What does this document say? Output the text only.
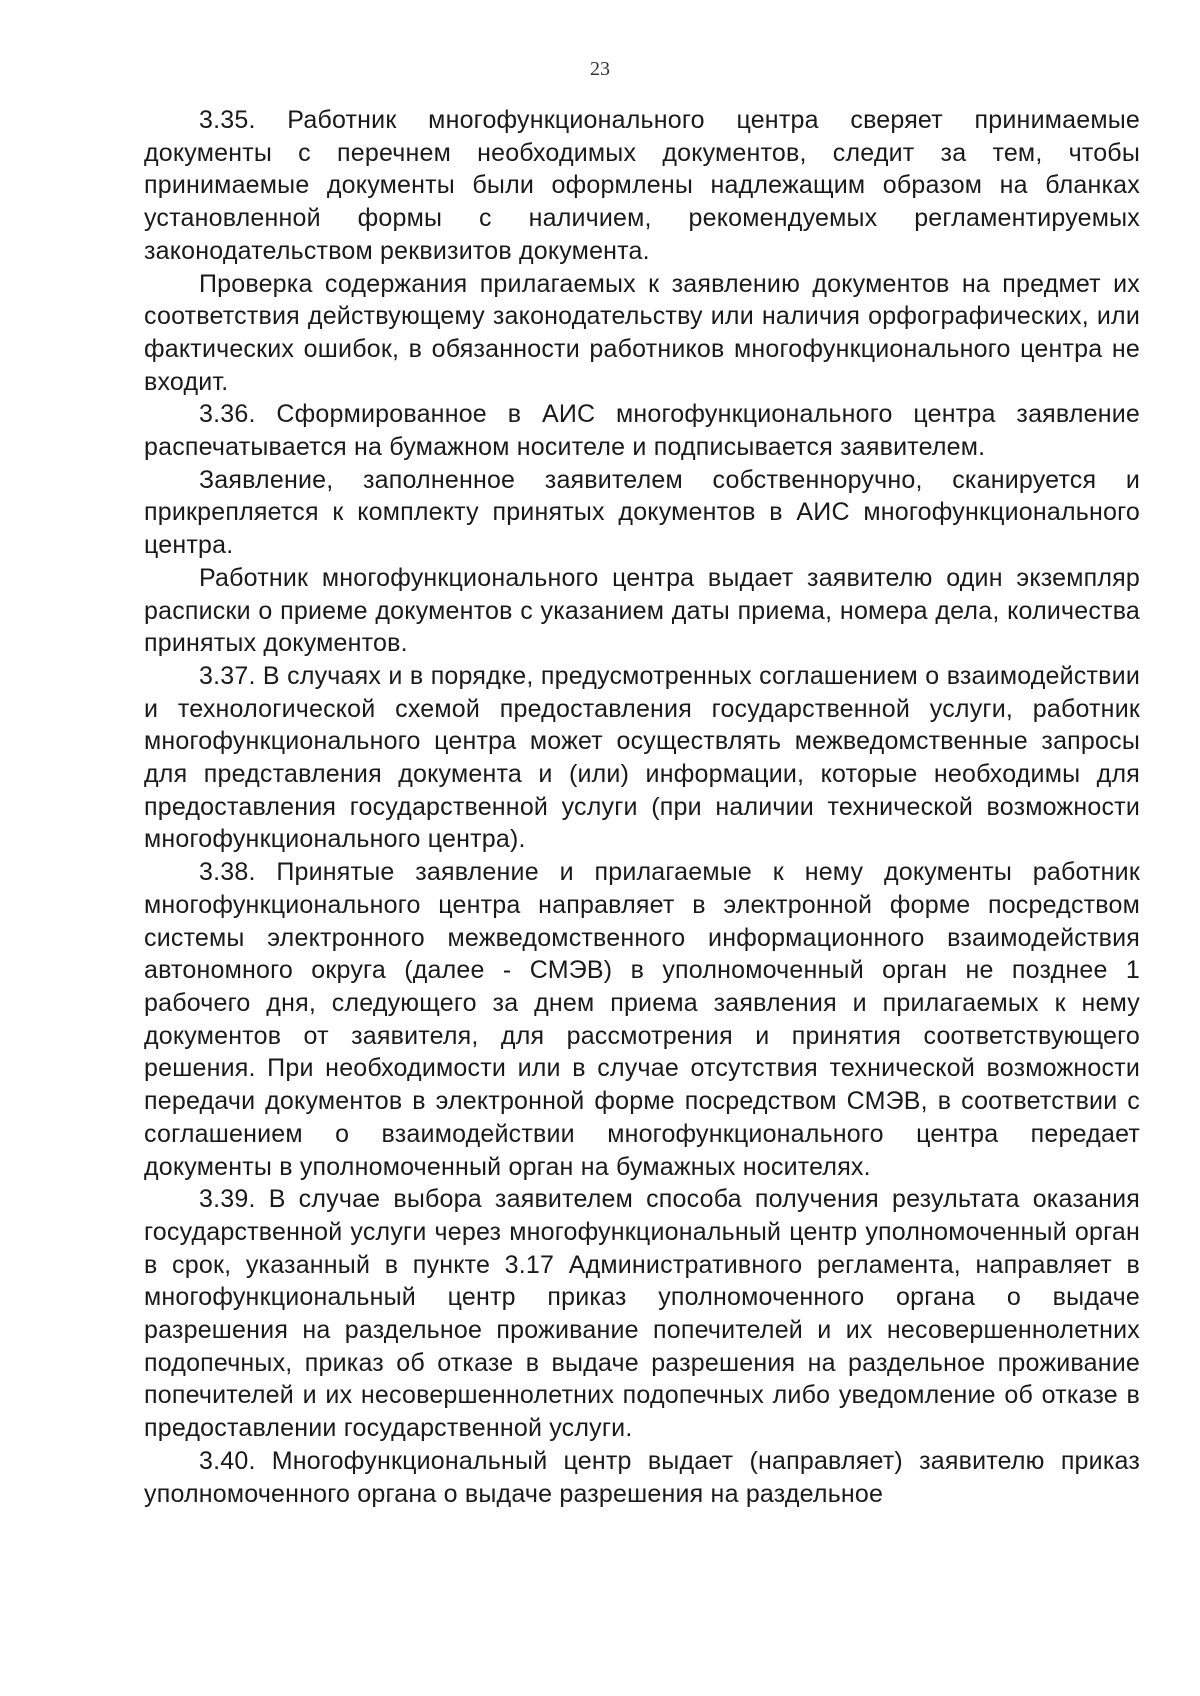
23

3.35. Работник многофункционального центра сверяет принимаемые документы с перечнем необходимых документов, следит за тем, чтобы принимаемые документы были оформлены надлежащим образом на бланках установленной формы с наличием, рекомендуемых регламентируемых законодательством реквизитов документа.

Проверка содержания прилагаемых к заявлению документов на предмет их соответствия действующему законодательству или наличия орфографических, или фактических ошибок, в обязанности работников многофункционального центра не входит.

3.36. Сформированное в АИС многофункционального центра заявление распечатывается на бумажном носителе и подписывается заявителем.

Заявление, заполненное заявителем собственноручно, сканируется и прикрепляется к комплекту принятых документов в АИС многофункционального центра.

Работник многофункционального центра выдает заявителю один экземпляр расписки о приеме документов с указанием даты приема, номера дела, количества принятых документов.

3.37. В случаях и в порядке, предусмотренных соглашением о взаимодействии и технологической схемой предоставления государственной услуги, работник многофункционального центра может осуществлять межведомственные запросы для представления документа и (или) информации, которые необходимы для предоставления государственной услуги (при наличии технической возможности многофункционального центра).

3.38. Принятые заявление и прилагаемые к нему документы работник многофункционального центра направляет в электронной форме посредством системы электронного межведомственного информационного взаимодействия автономного округа (далее - СМЭВ) в уполномоченный орган не позднее 1 рабочего дня, следующего за днем приема заявления и прилагаемых к нему документов от заявителя, для рассмотрения и принятия соответствующего решения. При необходимости или в случае отсутствия технической возможности передачи документов в электронной форме посредством СМЭВ, в соответствии с соглашением о взаимодействии многофункционального центра передает документы в уполномоченный орган на бумажных носителях.

3.39. В случае выбора заявителем способа получения результата оказания государственной услуги через многофункциональный центр уполномоченный орган в срок, указанный в пункте 3.17 Административного регламента, направляет в многофункциональный центр приказ уполномоченного органа о выдаче разрешения на раздельное проживание попечителей и их несовершеннолетних подопечных, приказ об отказе в выдаче разрешения на раздельное проживание попечителей и их несовершеннолетних подопечных либо уведомление об отказе в предоставлении государственной услуги.

3.40. Многофункциональный центр выдает (направляет) заявителю приказ уполномоченного органа о выдаче разрешения на раздельное
